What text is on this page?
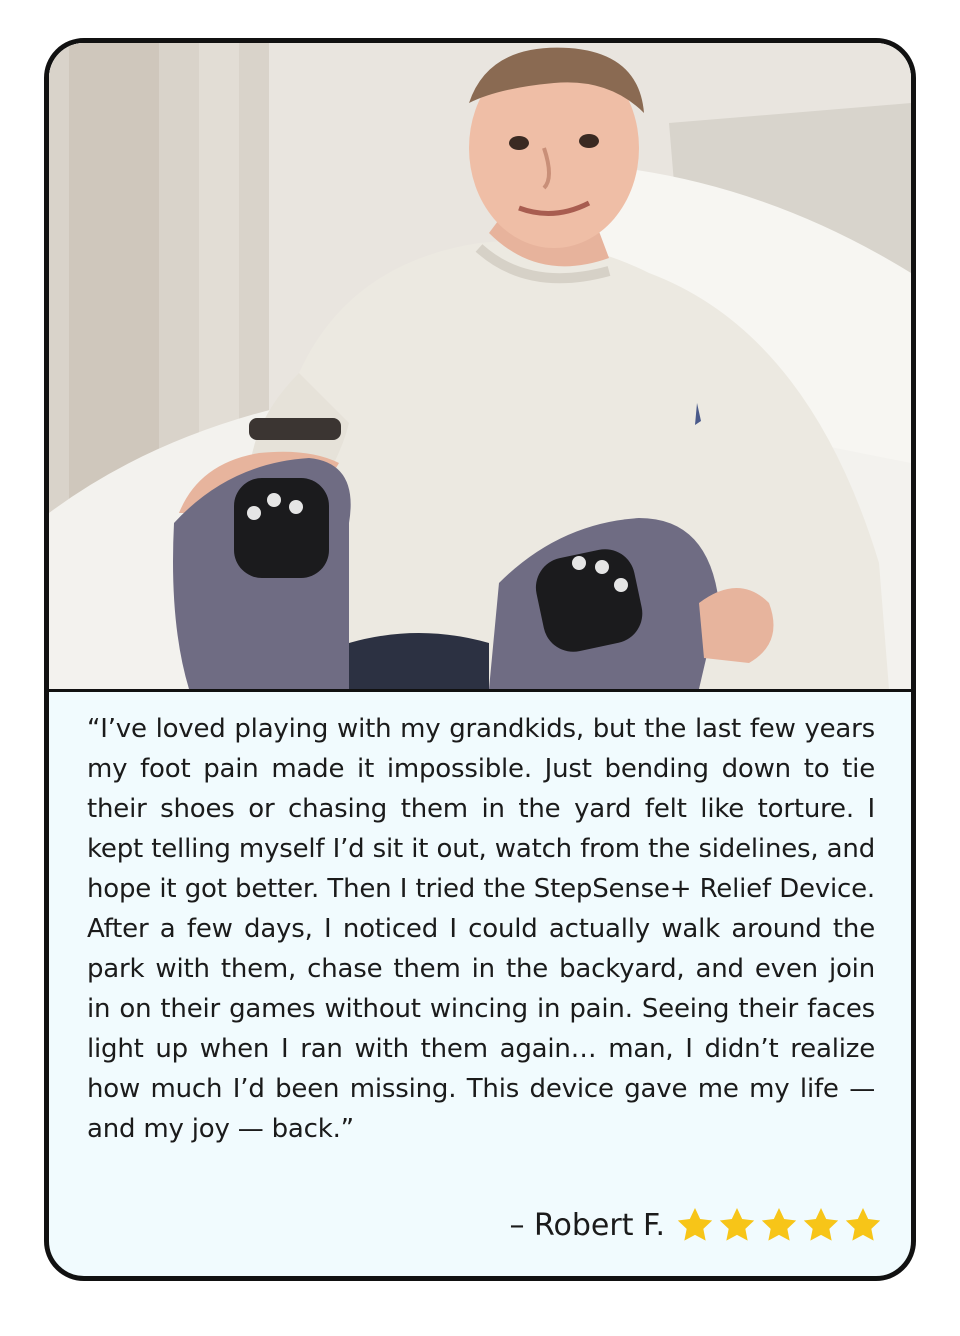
“I’ve loved playing with my grandkids, but the last few years my foot pain made it impossible. Just bending down to tie their shoes or chasing them in the yard felt like torture. I kept telling myself I’d sit it out, watch from the sidelines, and hope it got better. Then I tried the StepSense+ Relief Device. After a few days, I noticed I could actually walk around the park with them, chase them in the backyard, and even join in on their games without wincing in pain. Seeing their faces light up when I ran with them again… man, I didn’t realize how much I’d been missing. This device gave me my life — and my joy — back.”

– Robert F.
